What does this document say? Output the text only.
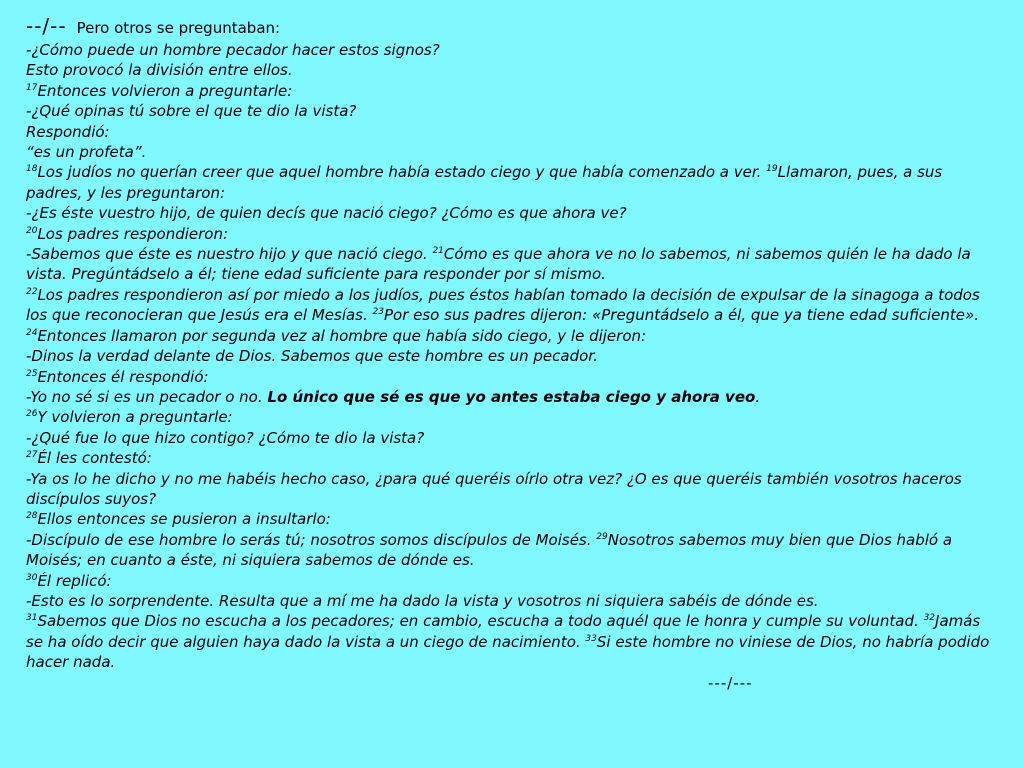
--/-- Pero otros se preguntaban:
-¿Cómo puede un hombre pecador hacer estos signos?
Esto provocó la división entre ellos.
$^{17}$Entonces volvieron a preguntarle:
-¿Qué opinas tú sobre el que te dio la vista?
Respondió:
“es un profeta”.
$^{18}$Los judíos no querían creer que aquel hombre había estado ciego y que había comenzado a ver. $^{19}$Llamaron, pues, a sus padres, y les preguntaron:
-¿Es éste vuestro hijo, de quien decís que nació ciego? ¿Cómo es que ahora ve?
$^{20}$Los padres respondieron:
-Sabemos que éste es nuestro hijo y que nació ciego. $^{21}$Cómo es que ahora ve no lo sabemos, ni sabemos quién le ha dado la vista. Pregúntádselo a él; tiene edad suficiente para responder por sí mismo.
$^{22}$Los padres respondieron así por miedo a los judíos, pues éstos habían tomado la decisión de expulsar de la sinagoga a todos los que reconocieran que Jesús era el Mesías. $^{23}$Por eso sus padres dijeron: «Preguntádselo a él, que ya tiene edad suficiente».
$^{24}$Entonces llamaron por segunda vez al hombre que había sido ciego, y le dijeron:
-Dinos la verdad delante de Dios. Sabemos que este hombre es un pecador.
$^{25}$Entonces él respondió:
-Yo no sé si es un pecador o no. Lo único que sé es que yo antes estaba ciego y ahora veo.
$^{26}$Y volvieron a preguntarle:
-¿Qué fue lo que hizo contigo? ¿Cómo te dio la vista?
$^{27}$Él les contestó:
-Ya os lo he dicho y no me habéis hecho caso, ¿para qué queréis oírlo otra vez? ¿O es que queréis también vosotros haceros discípulos suyos?
$^{28}$Ellos entonces se pusieron a insultarlo:
-Discípulo de ese hombre lo serás tú; nosotros somos discípulos de Moisés. $^{29}$Nosotros sabemos muy bien que Dios habló a Moisés; en cuanto a éste, ni siquiera sabemos de dónde es.
$^{30}$Él replicó:
-Esto es lo sorprendente. Resulta que a mí me ha dado la vista y vosotros ni siquiera sabéis de dónde es.
$^{31}$Sabemos que Dios no escucha a los pecadores; en cambio, escucha a todo aquél que le honra y cumple su voluntad. $^{32}$Jamás se ha oído decir que alguien haya dado la vista a un ciego de nacimiento. $^{33}$Si este hombre no viniese de Dios, no habría podido hacer nada.
---/---
